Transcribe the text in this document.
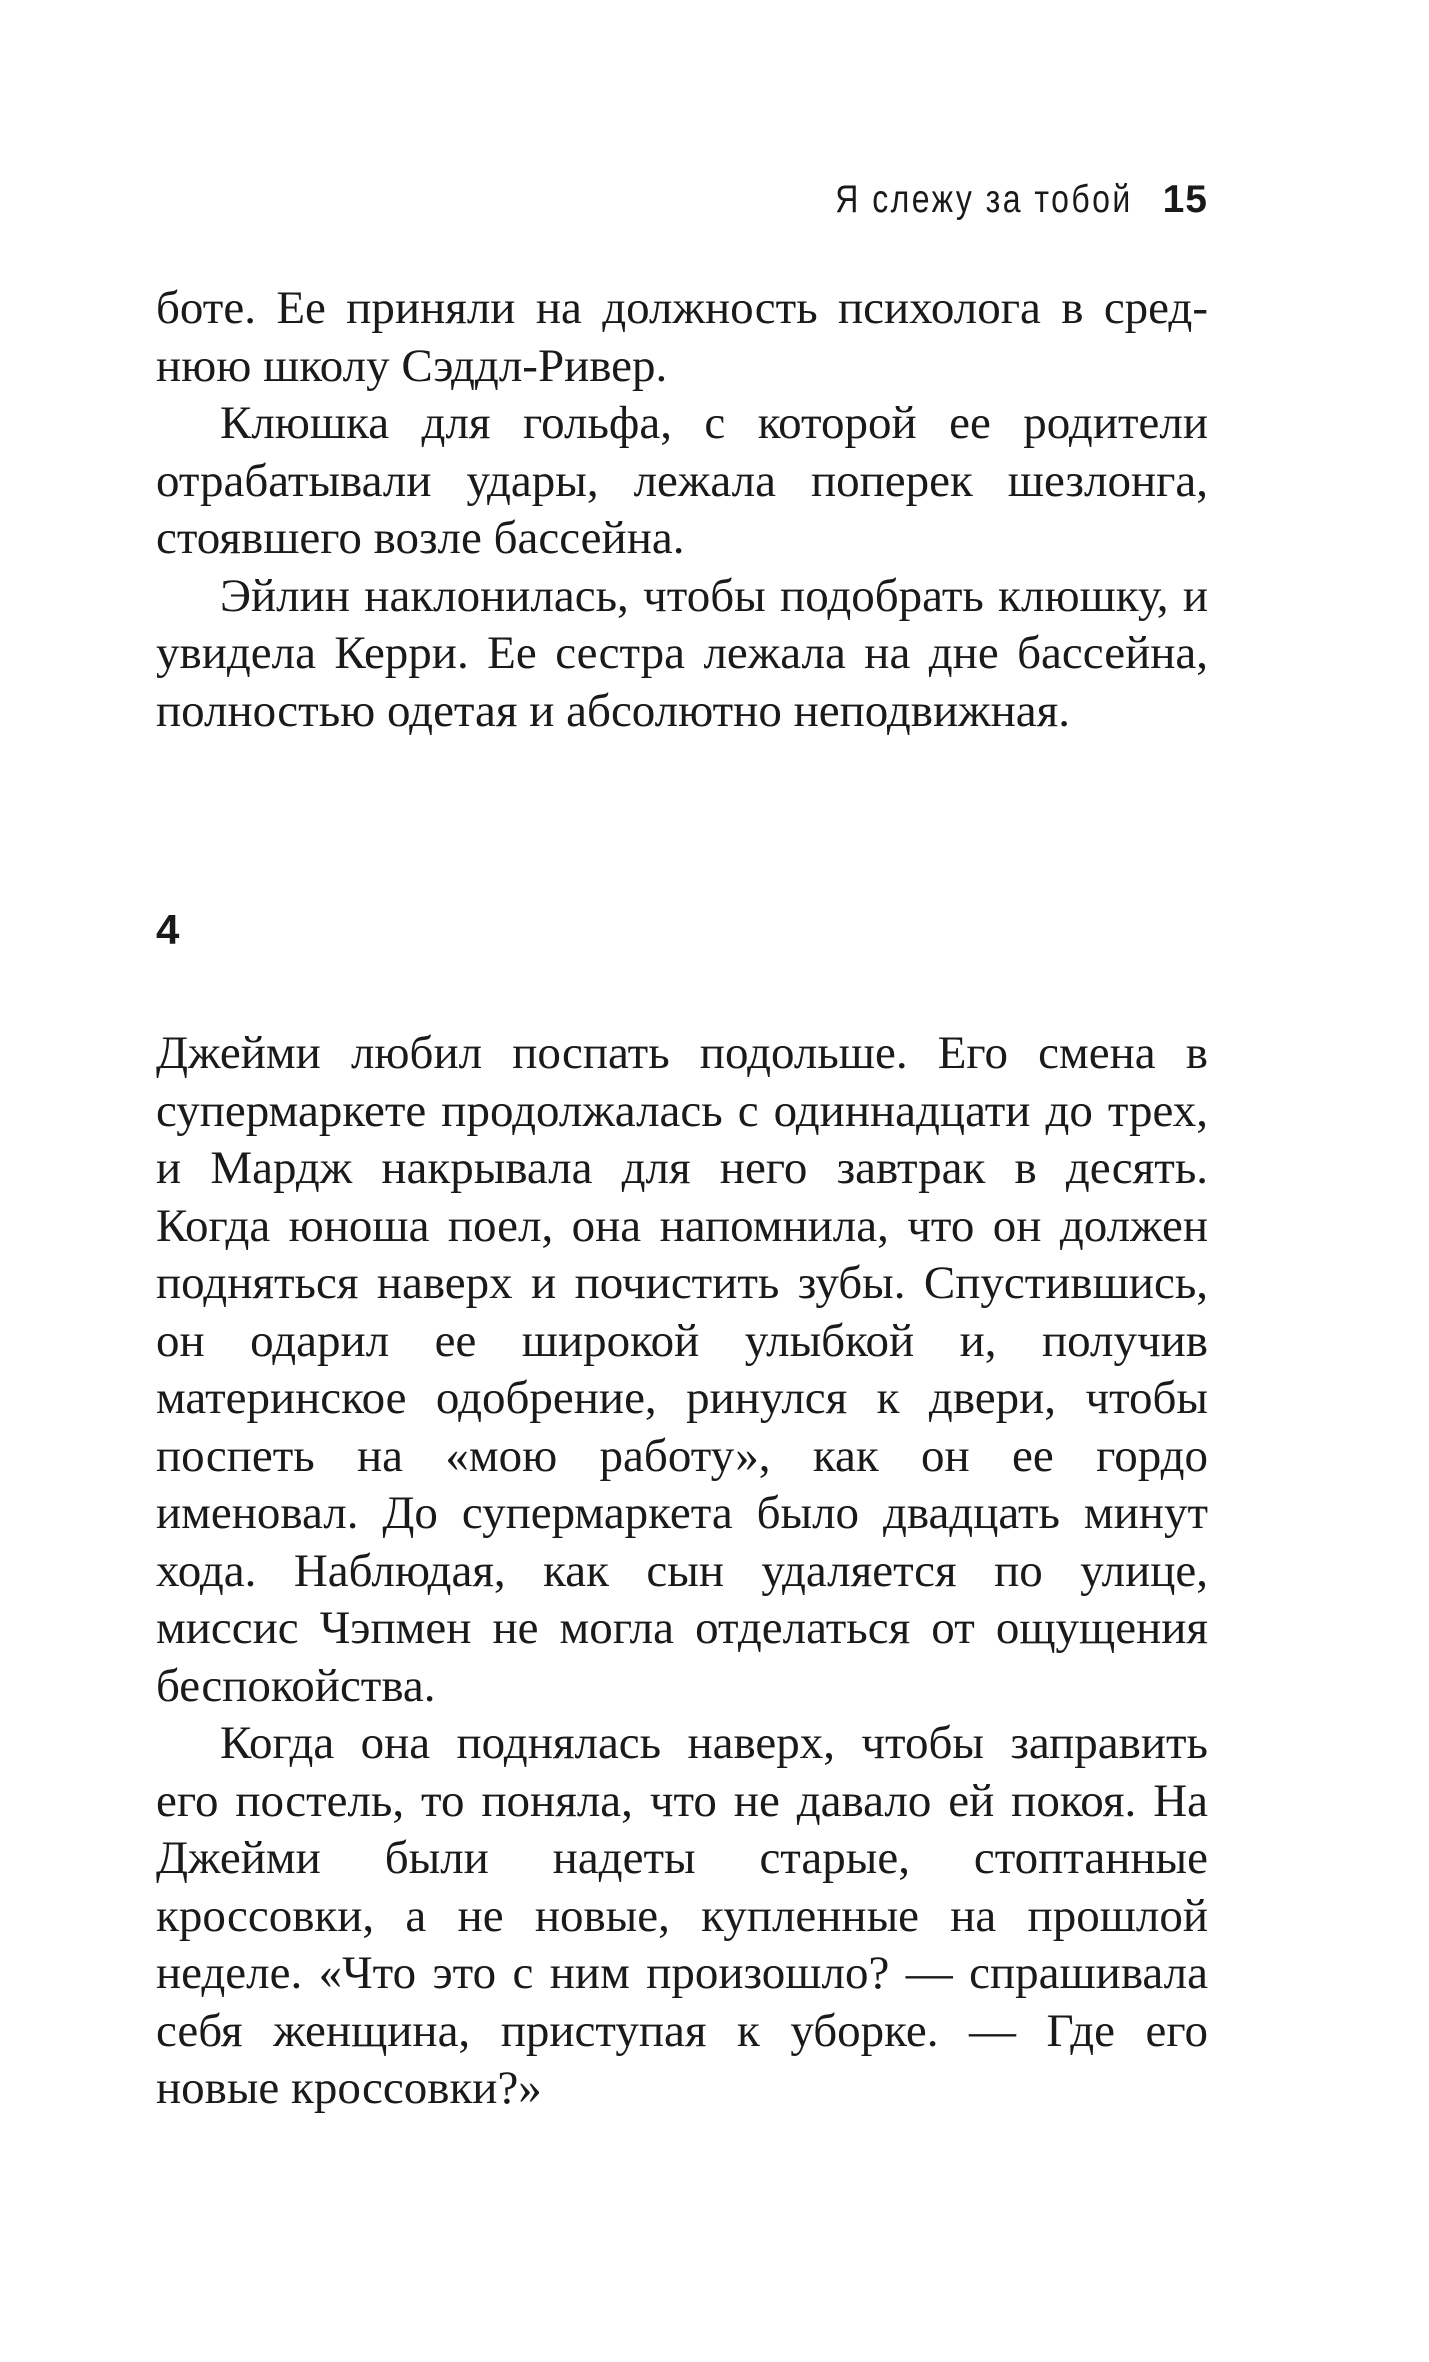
Я слежу за тобой 15

боте. Ее приняли на должность психолога в среднюю школу Сэддл-Ривер.

Клюшка для гольфа, с которой ее родители отрабатывали удары, лежала поперек шезлонга, стоявшего возле бассейна.

Эйлин наклонилась, чтобы подобрать клюшку, и увидела Керри. Ее сестра лежала на дне бассейна, полностью одетая и абсолютно неподвижная.

4

Джейми любил поспать подольше. Его смена в супермаркете продолжалась с одиннадцати до трех, и Мардж накрывала для него завтрак в десять. Когда юноша поел, она напомнила, что он должен подняться наверх и почистить зубы. Спустившись, он одарил ее широкой улыбкой и, получив материнское одобрение, ринулся к двери, чтобы поспеть на «мою работу», как он ее гордо именовал. До супермаркета было двадцать минут хода. Наблюдая, как сын удаляется по улице, миссис Чэпмен не могла отделаться от ощущения беспокойства.

Когда она поднялась наверх, чтобы заправить его постель, то поняла, что не давало ей покоя. На Джейми были надеты старые, стоптанные кроссовки, а не новые, купленные на прошлой неделе. «Что это с ним произошло? — спрашивала себя женщина, приступая к уборке. — Где его новые кроссовки?»
